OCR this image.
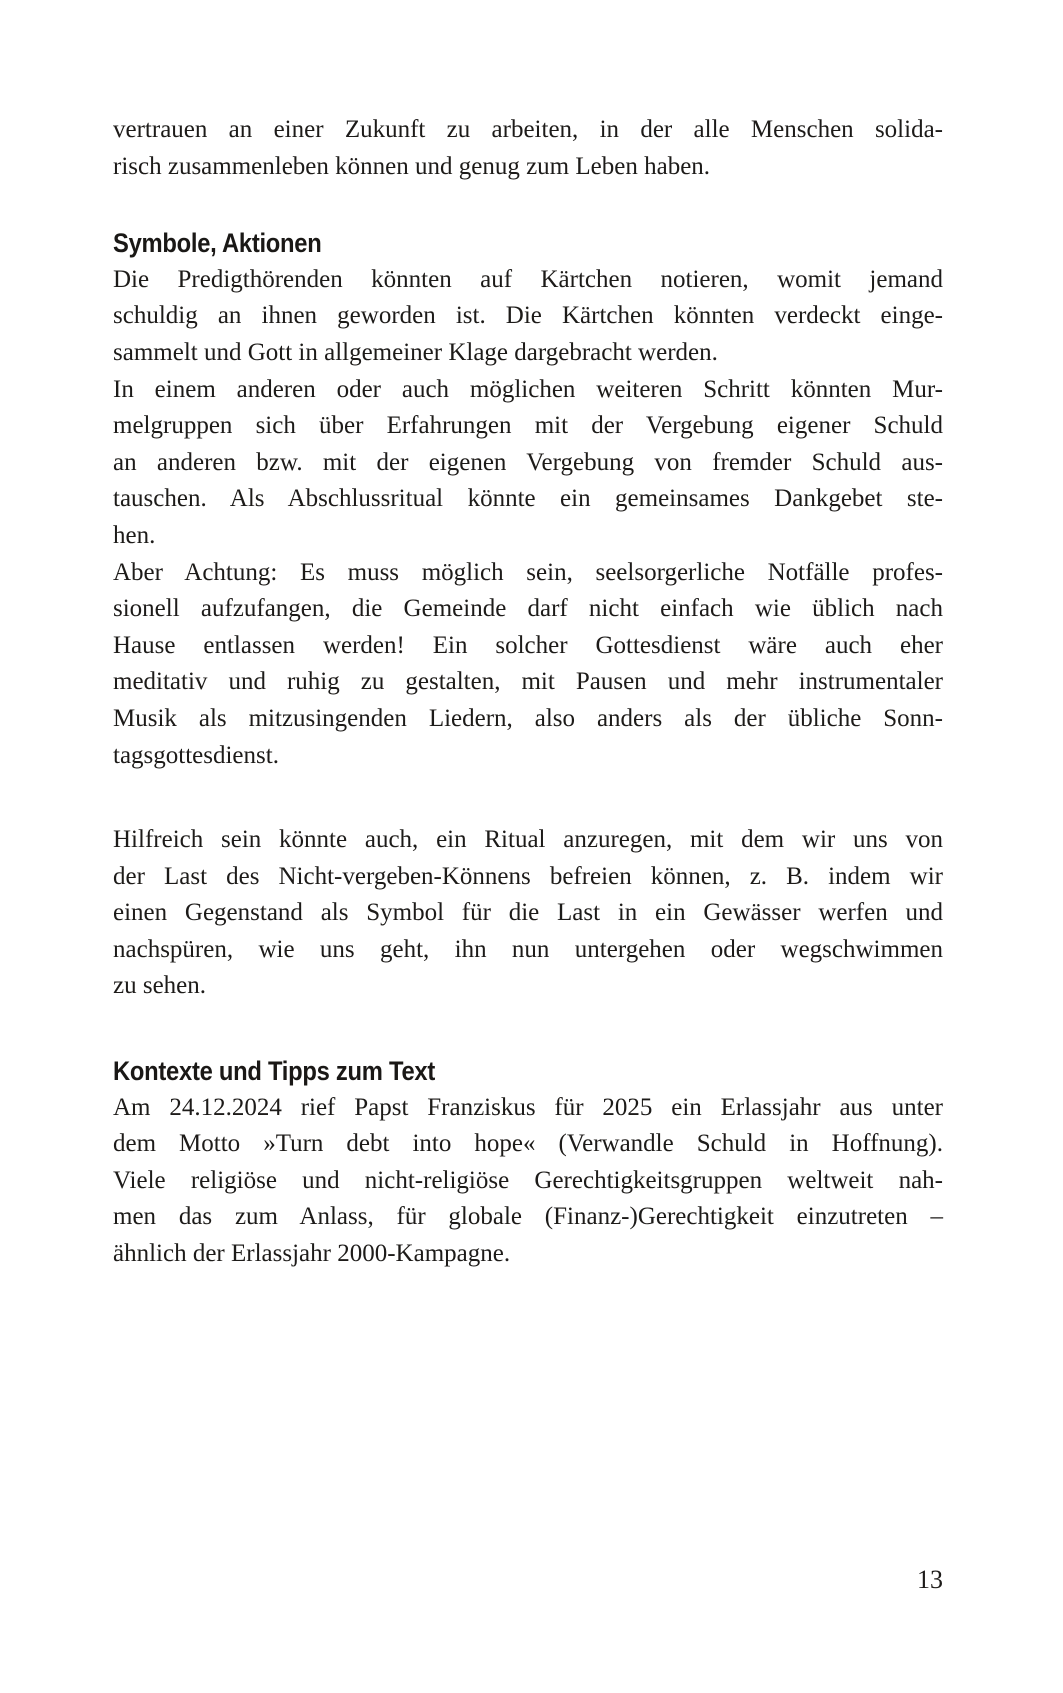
vertrauen an einer Zukunft zu arbeiten, in der alle Menschen solida-
risch zusammenleben können und genug zum Leben haben.
Symbole, Aktionen
Die Predigthörenden könnten auf Kärtchen notieren, womit jemand
schuldig an ihnen geworden ist. Die Kärtchen könnten verdeckt einge-
sammelt und Gott in allgemeiner Klage dargebracht werden.
In einem anderen oder auch möglichen weiteren Schritt könnten Mur-
melgruppen sich über Erfahrungen mit der Vergebung eigener Schuld
an anderen bzw. mit der eigenen Vergebung von fremder Schuld aus-
tauschen. Als Abschlussritual könnte ein gemeinsames Dankgebet ste-
hen.
Aber Achtung: Es muss möglich sein, seelsorgerliche Notfälle profes-
sionell aufzufangen, die Gemeinde darf nicht einfach wie üblich nach
Hause entlassen werden! Ein solcher Gottesdienst wäre auch eher
meditativ und ruhig zu gestalten, mit Pausen und mehr instrumentaler
Musik als mitzusingenden Liedern, also anders als der übliche Sonn-
tagsgottesdienst.
Hilfreich sein könnte auch, ein Ritual anzuregen, mit dem wir uns von
der Last des Nicht-vergeben-Könnens befreien können, z. B. indem wir
einen Gegenstand als Symbol für die Last in ein Gewässer werfen und
nachspüren, wie uns geht, ihn nun untergehen oder wegschwimmen
zu sehen.
Kontexte und Tipps zum Text
Am 24.12.2024 rief Papst Franziskus für 2025 ein Erlassjahr aus unter
dem Motto »Turn debt into hope« (Verwandle Schuld in Hoffnung).
Viele religiöse und nicht-religiöse Gerechtigkeitsgruppen weltweit nah-
men das zum Anlass, für globale (Finanz-)Gerechtigkeit einzutreten –
ähnlich der Erlassjahr 2000-Kampagne.
13
